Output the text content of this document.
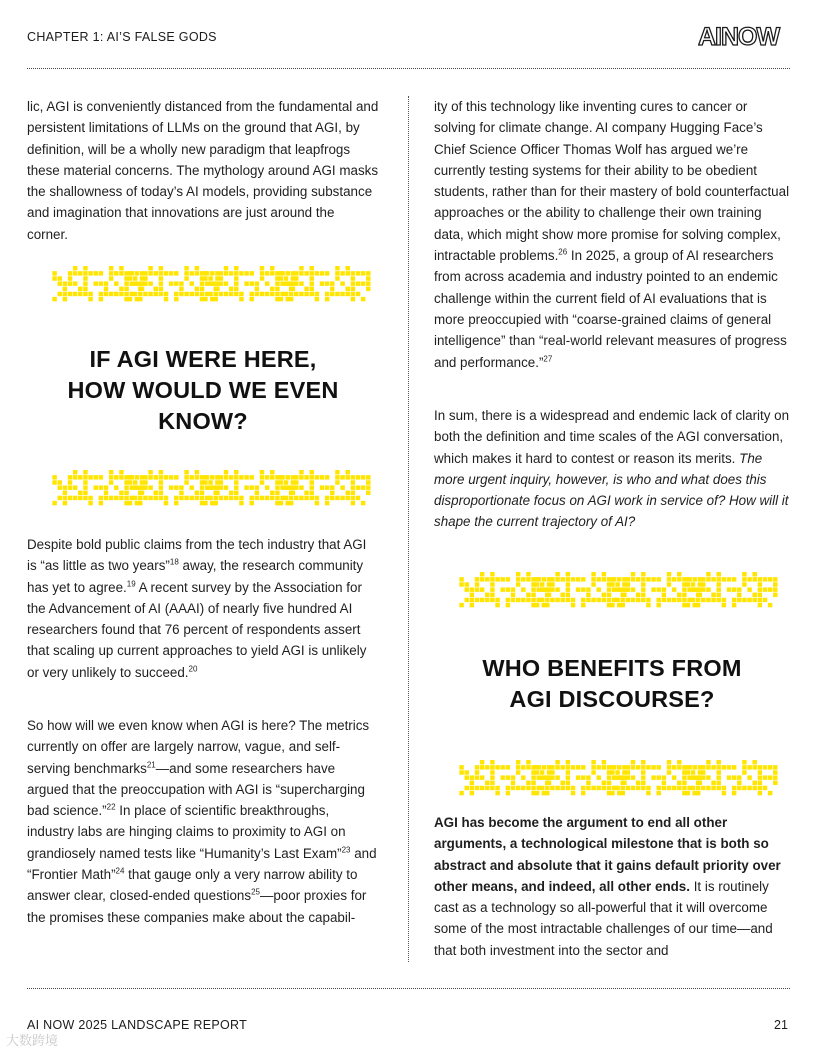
CHAPTER 1: AI’S FALSE GODS	AINOW

lic, AGI is conveniently distanced from the fundamental and persistent limitations of LLMs on the ground that AGI, by definition, will be a wholly new paradigm that leapfrogs these material concerns. The mythology around AGI masks the shallowness of today’s AI models, providing substance and imagination that innovations are just around the corner.

IF AGI WERE HERE,
HOW WOULD WE EVEN
KNOW?

Despite bold public claims from the tech industry that AGI is “as little as two years”$^{18}$ away, the research community has yet to agree.$^{19}$ A recent survey by the Association for the Advancement of AI (AAAI) of nearly five hundred AI researchers found that 76 percent of respondents assert that scaling up current approaches to yield AGI is unlikely or very unlikely to succeed.$^{20}$

So how will we even know when AGI is here? The metrics currently on offer are largely narrow, vague, and self-serving benchmarks$^{21}$—and some researchers have argued that the preoccupation with AGI is “supercharging bad science.”$^{22}$ In place of scientific breakthroughs, industry labs are hinging claims to proximity to AGI on grandiosely named tests like “Humanity’s Last Exam”$^{23}$ and “Frontier Math”$^{24}$ that gauge only a very narrow ability to answer clear, closed-ended questions$^{25}$—poor proxies for the promises these companies make about the capabil-

ity of this technology like inventing cures to cancer or solving for climate change. AI company Hugging Face’s Chief Science Officer Thomas Wolf has argued we’re currently testing systems for their ability to be obedient students, rather than for their mastery of bold counterfactual approaches or the ability to challenge their own training data, which might show more promise for solving complex, intractable problems.$^{26}$ In 2025, a group of AI researchers from across academia and industry pointed to an endemic challenge within the current field of AI evaluations that is more preoccupied with “coarse-grained claims of general intelligence” than “real-world relevant measures of progress and performance.”$^{27}$

In sum, there is a widespread and endemic lack of clarity on both the definition and time scales of the AGI conversation, which makes it hard to contest or reason its merits. The more urgent inquiry, however, is who and what does this disproportionate focus on AGI work in service of? How will it shape the current trajectory of AI?

WHO BENEFITS FROM
AGI DISCOURSE?

AGI has become the argument to end all other arguments, a technological milestone that is both so abstract and absolute that it gains default priority over other means, and indeed, all other ends. It is routinely cast as a technology so all-powerful that it will overcome some of the most intractable challenges of our time—and that both investment into the sector and

AI NOW 2025 LANDSCAPE REPORT	21
大数跨境
